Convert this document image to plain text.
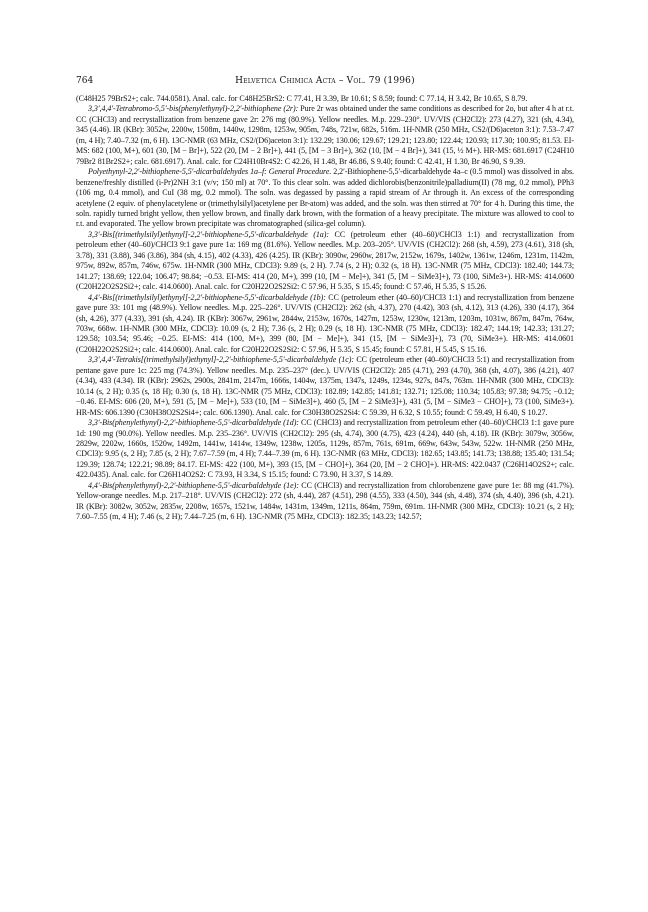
764	Helvetica Chimica Acta – Vol. 79 (1996)

(C48H25 79BrS2+; calc. 744.0581). Anal. calc. for C48H25BrS2: C 77.41, H 3.39, Br 10.61; S 8.59; found: C 77.14, H 3.42, Br 10.65, S 8.79.

3,3′,4,4′-Tetrabromo-5,5′-bis(phenylethynyl)-2,2′-bithiophene (2r): Pure 2r was obtained under the same conditions as described for 2o, but after 4 h at r.t. CC (CHCl3) and recrystallization from benzene gave 2r: 276 mg (80.9%). Yellow needles. M.p. 229–230°. UV/VIS (CH2Cl2): 273 (4.27), 321 (sh, 4.34), 345 (4.46). IR (KBr): 3052w, 2200w, 1508m, 1440w, 1298m, 1253w, 905m, 748s, 721w, 682s, 516m. 1H-NMR (250 MHz, CS2/(D6)aceton 3:1): 7.53–7.47 (m, 4 H); 7.40–7.32 (m, 6 H). 13C-NMR (63 MHz, CS2/(D6)aceton 3:1): 132.29; 130.06; 129.67; 129.21; 123.80; 122.44; 120.93; 117.30; 100.95; 81.53. EI-MS: 682 (100, M+), 601 (30, [M − Br]+), 522 (20, [M − 2 Br]+), 441 (5, [M − 3 Br]+), 362 (10, [M − 4 Br]+), 341 (15, ½ M+). HR-MS: 681.6917 (C24H10 79Br2 81Br2S2+; calc. 681.6917). Anal. calc. for C24H10Br4S2: C 42.26, H 1.48, Br 46.86, S 9.40; found: C 42.41, H 1.30, Br 46.90, S 9.39.

Polyethynyl-2,2′-bithiophene-5,5′-dicarbaldehydes 1a–f: General Procedure. 2,2′-Bithiophene-5,5′-dicarbaldehyde 4a–c (0.5 mmol) was dissolved in abs. benzene/freshly distilled (i-Pr)2NH 3:1 (v/v; 150 ml) at 70°. To this clear soln. was added dichlorobis(benzonitrile)palladium(II) (78 mg, 0.2 mmol), PPh3 (106 mg, 0.4 mmol), and CuI (38 mg, 0.2 mmol). The soln. was degassed by passing a rapid stream of Ar through it. An excess of the corresponding acetylene (2 equiv. of phenylacetylene or (trimethylsilyl)acetylene per Br-atom) was added, and the soln. was then stirred at 70° for 4 h. During this time, the soln. rapidly turned bright yellow, then yellow brown, and finally dark brown, with the formation of a heavy precipitate. The mixture was allowed to cool to r.t. and evaporated. The yellow brown precipitate was chromatographed (silica-gel column).

3,3′-Bis[(trimethylsilyl)ethynyl]-2,2′-bithiophene-5,5′-dicarbaldehyde (1a): CC (petroleum ether (40–60)/CHCl3 1:1) and recrystallization from petroleum ether (40–60)/CHCl3 9:1 gave pure 1a: 169 mg (81.6%). Yellow needles. M.p. 203–205°. UV/VIS (CH2Cl2): 268 (sh, 4.59), 273 (4.61), 318 (sh, 3.78), 331 (3.88), 346 (3.86), 384 (sh, 4.15), 402 (4.33), 426 (4.25). IR (KBr): 3090w, 2960w, 2817w, 2152w, 1679s, 1402w, 1361w, 1246m, 1231m, 1142m, 975w, 892w, 857m, 746w, 675w. 1H-NMR (300 MHz, CDCl3): 9.89 (s, 2 H). 7.74 (s, 2 H); 0.32 (s, 18 H). 13C-NMR (75 MHz, CDCl3): 182.40; 144.73; 141.27; 138.69; 122.04; 106.47; 98.84; −0.53. EI-MS: 414 (20, M+), 399 (10, [M − Me]+), 341 (5, [M − SiMe3]+), 73 (100, SiMe3+). HR-MS: 414.0600 (C20H22O2S2Si2+; calc. 414.0600). Anal. calc. for C20H22O2S2Si2: C 57.96, H 5.35, S 15.45; found: C 57.46, H 5.35, S 15.26.

4,4′-Bis[(trimethylsilyl)ethynyl]-2,2′-bithiophene-5,5′-dicarbaldehyde (1b): CC (petroleum ether (40–60)/CHCl3 1:1) and recrystallization from benzene gave pure 33: 101 mg (48.9%). Yellow needles. M.p. 225–226°. UV/VIS (CH2Cl2): 262 (sh, 4.37), 270 (4.42), 303 (sh, 4.12), 313 (4.26), 330 (4.17), 364 (sh, 4.26), 377 (4.33), 391 (sh, 4.24). IR (KBr): 3067w, 2961w, 2844w, 2153w, 1670s, 1427m, 1253w, 1230w, 1213m, 1203m, 1031w, 867m, 847m, 764w, 703w, 668w. 1H-NMR (300 MHz, CDCl3): 10.09 (s, 2 H); 7.36 (s, 2 H); 0.29 (s, 18 H). 13C-NMR (75 MHz, CDCl3): 182.47; 144.19; 142.33; 131.27; 129.58; 103.54; 95.46; −0.25. EI-MS: 414 (100, M+), 399 (80, [M − Me]+), 341 (15, [M − SiMe3]+), 73 (70, SiMe3+). HR-MS: 414.0601 (C20H22O2S2Si2+; calc. 414.0600). Anal. calc. for C20H22O2S2Si2: C 57.96, H 5.35, S 15.45; found: C 57.81, H 5.45, S 15.16.

3,3′,4,4′-Tetrakis[(trimethylsilyl)ethynyl]-2,2′-bithiophene-5,5′-dicarbaldehyde (1c): CC (petroleum ether (40–60)/CHCl3 5:1) and recrystallization from pentane gave pure 1c: 225 mg (74.3%). Yellow needles. M.p. 235–237° (dec.). UV/VIS (CH2Cl2): 285 (4.71), 293 (4.70), 368 (sh, 4.07), 386 (4.21), 407 (4.34), 433 (4.34). IR (KBr): 2962s, 2900s, 2841m, 2147m, 1666s, 1404w, 1375m, 1347s, 1249s, 1234s, 927s, 847s, 763m. 1H-NMR (300 MHz, CDCl3): 10.14 (s, 2 H); 0.35 (s, 18 H); 0.30 (s, 18 H). 13C-NMR (75 MHz, CDCl3): 182.89; 142.85; 141.81; 132.71; 125.08; 110.34; 105.83; 97.38; 94.75; −0.12; −0.46. EI-MS: 606 (20, M+), 591 (5, [M − Me]+), 533 (10, [M − SiMe3]+), 460 (5, [M − 2 SiMe3]+), 431 (5, [M − SiMe3 − CHO]+), 73 (100, SiMe3+). HR-MS: 606.1390 (C30H38O2S2Si4+; calc. 606.1390). Anal. calc. for C30H38O2S2Si4: C 59.39, H 6.32, S 10.55; found: C 59.49, H 6.40, S 10.27.

3,3′-Bis(phenylethynyl)-2,2′-bithiophene-5,5′-dicarbaldehyde (1d): CC (CHCl3) and recrystallization from petroleum ether (40–60)/CHCl3 1:1 gave pure 1d: 190 mg (90.0%). Yellow needles. M.p. 235–236°. UV/VIS (CH2Cl2): 295 (sh, 4.74), 300 (4.75), 423 (4.24), 440 (sh, 4.18). IR (KBr): 3079w, 3056w, 2829w, 2202w, 1660s, 1520w, 1492m, 1441w, 1414w, 1349w, 1238w, 1205s, 1129s, 857m, 761s, 691m, 669w, 643w, 543w, 522w. 1H-NMR (250 MHz, CDCl3): 9.95 (s, 2 H); 7.85 (s, 2 H); 7.67–7.59 (m, 4 H); 7.44–7.39 (m, 6 H). 13C-NMR (63 MHz, CDCl3): 182.65; 143.85; 141.73; 138.88; 135.40; 131.54; 129.39; 128.74; 122.21; 98.89; 84.17. EI-MS: 422 (100, M+), 393 (15, [M − CHO]+), 364 (20, [M − 2 CHO]+). HR-MS: 422.0437 (C26H14O2S2+; calc. 422.0435). Anal. calc. for C26H14O2S2: C 73.93, H 3.34, S 15.15; found: C 73.90, H 3.37, S 14.89.

4,4′-Bis(phenylethynyl)-2,2′-bithiophene-5,5′-dicarbaldehyde (1e): CC (CHCl3) and recrystallization from chlorobenzene gave pure 1e: 88 mg (41.7%). Yellow-orange needles. M.p. 217–218°. UV/VIS (CH2Cl2): 272 (sh, 4.44), 287 (4.51), 298 (4.55), 333 (4.50), 344 (sh, 4.48), 374 (sh, 4.40), 396 (sh, 4.21). IR (KBr): 3082w, 3052w, 2835w, 2208w, 1657s, 1521w, 1484w, 1431m, 1349m, 1211s, 864m, 759m, 691m. 1H-NMR (300 MHz, CDCl3): 10.21 (s, 2 H); 7.60–7.55 (m, 4 H); 7.46 (s, 2 H); 7.44–7.25 (m, 6 H). 13C-NMR (75 MHz, CDCl3): 182.35; 143.23; 142.57;
